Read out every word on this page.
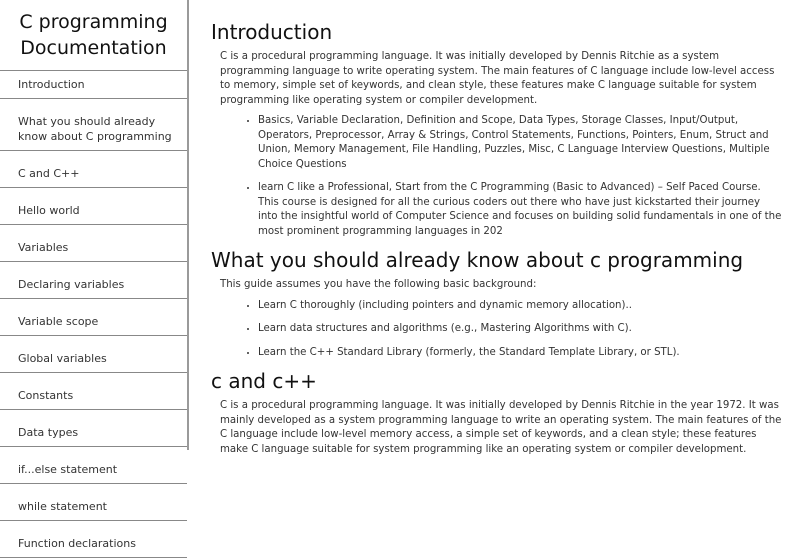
C programming
Documentation
Introduction
What you should already know about C programming
C and C++
Hello world
Variables
Declaring variables
Variable scope
Global variables
Constants
Data types
if...else statement
while statement
Function declarations
Introduction

C is a procedural programming language. It was initially developed by Dennis Ritchie as a system programming language to write operating system. The main features of C language include low-level access to memory, simple set of keywords, and clean style, these features make C language suitable for system programming like operating system or compiler development.

• Basics, Variable Declaration, Definition and Scope, Data Types, Storage Classes, Input/Output, Operators, Preprocessor, Array & Strings, Control Statements, Functions, Pointers, Enum, Struct and Union, Memory Management, File Handling, Puzzles, Misc, C Language Interview Questions, Multiple Choice Questions
• learn C like a Professional, Start from the C Programming (Basic to Advanced) – Self Paced Course. This course is designed for all the curious coders out there who have just kickstarted their journey into the insightful world of Computer Science and focuses on building solid fundamentals in one of the most prominent programming languages in 202
What you should already know about c programming

This guide assumes you have the following basic background:

• Learn C thoroughly (including pointers and dynamic memory allocation)..
• Learn data structures and algorithms (e.g., Mastering Algorithms with C).
• Learn the C++ Standard Library (formerly, the Standard Template Library, or STL).
c and c++

C is a procedural programming language. It was initially developed by Dennis Ritchie in the year 1972. It was mainly developed as a system programming language to write an operating system. The main features of the C language include low-level memory access, a simple set of keywords, and a clean style; these features make C language suitable for system programming like an operating system or compiler development.
